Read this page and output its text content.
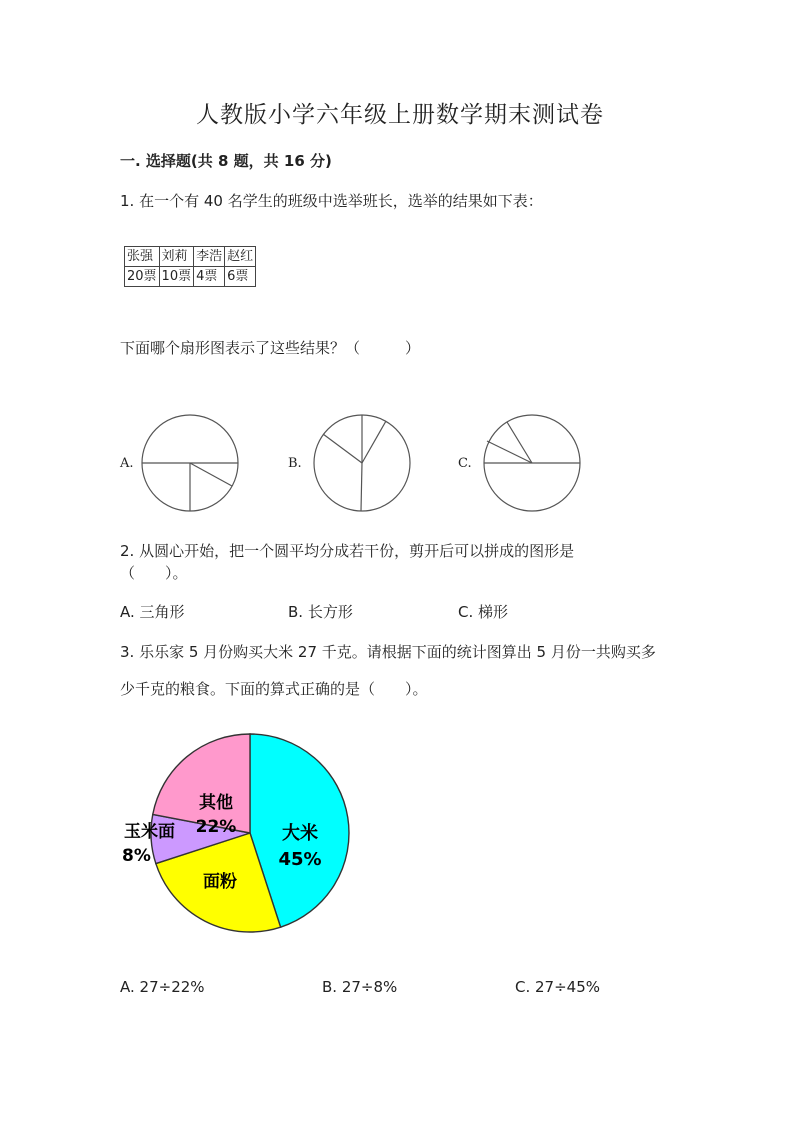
人教版小学六年级上册数学期末测试卷
一. 选择题(共 8 题，共 16 分)
1. 在一个有 40 名学生的班级中选举班长，选举的结果如下表：
张强	刘莉	李浩	赵红
20票	10票	4票	6票
下面哪个扇形图表示了这些结果？（　　　）
A.	B.	C.
2. 从圆心开始，把一个圆平均分成若干份，剪开后可以拼成的图形是
（　　）。
A. 三角形	B. 长方形	C. 梯形
3. 乐乐家 5 月份购买大米 27 千克。请根据下面的统计图算出 5 月份一共购买多
少千克的粮食。下面的算式正确的是（　　）。
其他
22%	大米
45%
面粉
玉米面
8%
A. 27÷22%	B. 27÷8%	C. 27÷45%
